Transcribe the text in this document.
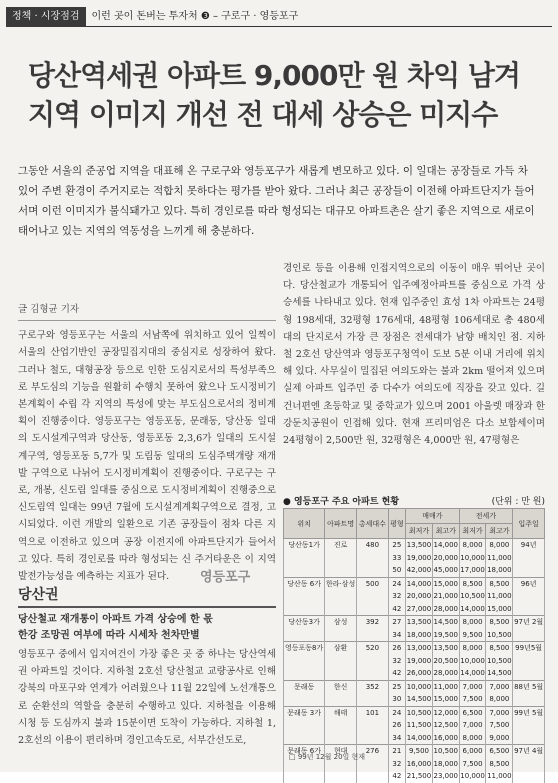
정책 · 시장점검	이런 곳이 돈버는 투자처 ❸ – 구로구 · 영등포구
당산역세권 아파트 9,000만 원 차익 남겨
지역 이미지 개선 전 대세 상승은 미지수
그동안 서울의 준공업 지역을 대표해 온 구로구와 영등포구가 새롭게 변모하고 있다. 이 일대는 공장들로 가득 차 있어 주변 환경이 주거지로는 적합치 못하다는 평가를 받아 왔다. 그러나 최근 공장들이 이전해 아파트단지가 들어서며 이런 이미지가 불식돼가고 있다. 특히 경인로를 따라 형성되는 대규모 아파트촌은 살기 좋은 지역으로 새로이 태어나고 있는 지역의 역동성을 느끼게 해 충분하다.
글 김형균 기자
구로구와 영등포구는 서울의 서남쪽에 위치하고 있어 일찍이 서울의 산업기반인 공장밀집지대의 중심지로 성장하여 왔다. 그러나 철도, 대형공장 등으로 인한 도심지로서의 특성부족으로 부도심의 기능을 원활히 수행치 못하여 왔으나 도시정비기본계획이 수립 각 지역의 특성에 맞는 부도심으로서의 정비계획이 진행중이다. 영등포구는 영등포동, 문래동, 당산동 일대의 도시설계구역과 당산동, 영등포동 2,3,6가 일대의 도시설계구역, 영등포동 5,7가 및 도림동 일대의 도심주택개량 재개발 구역으로 나뉘어 도시정비계획이 진행중이다. 구로구는 구로, 개봉, 신도림 일대를 중심으로 도시정비계획이 진행중으로 신도림역 일대는 99년 7월에 도시설계계획구역으로 결정, 고시되었다. 이런 개발의 일환으로 기존 공장들이 점차 다른 지역으로 이전하고 있으며 공장 이전지에 아파트단지가 들어서고 있다. 특히 경인로를 따라 형성되는 신 주거타운은 이 지역 발전가능성을 예측하는 지표가 된다.	영등포구
당산권
당산철교 재개통이 아파트 가격 상승에 한 몫
한강 조망권 여부에 따라 시세차 천차만별
영등포구 중에서 입지여건이 가장 좋은 곳 중 하나는 당산역세권 아파트일 것이다. 지하철 2호선 당산철교 교량공사로 인해 강북의 마포구와 연계가 어려웠으나 11월 22일에 노선개통으로 순환선의 역할을 충분히 수행하고 있다. 지하철을 이용해 시청 등 도심까지 불과 15분이면 도착이 가능하다. 지하철 1, 2호선의 이용이 편리하며 경인고속도로, 서부간선도로,
경인로 등을 이용해 인접지역으로의 이동이 매우 뛰어난 곳이다. 당산철교가 개통되어 입주예정아파트를 중심으로 가격 상승세를 나타내고 있다. 현재 입주중인 효성 1차 아파트는 24평형 198세대, 32평형 176세대, 48평형 106세대로 총 480세대의 단지로서 가장 큰 장점은 전세대가 남향 배치인 점. 지하철 2호선 당산역과 영등포구청역이 도보 5분 이내 거리에 위치해 있다. 사무실이 밀집된 여의도와는 불과 2km 떨어져 있으며 실제 아파트 입주민 중 다수가 여의도에 직장을 갖고 있다. 길 건너편엔 초등학교 및 중학교가 있으며 2001 아울렛 매장과 한강둔치공원이 인접해 있다. 현재 프리미엄은 다소 보합세이며 24평형이 2,500만 원, 32평형은 4,000만 원, 47평형은
● 영등포구 주요 아파트 현황	(단위 : 만 원)
위치	아파트명	총세대수	평형	매매가		전세가		입주일
				최저가	최고가	최저가	최고가	
당산동1가	진로	480	25	13,500	14,000	8,000	8,000	94년
			33	19,000	20,000	10,000	11,000	
			50	42,000	45,000	17,000	18,000	
당산동 6가	한라·삼성	500	24	14,000	15,000	8,500	8,500	96년
			32	20,000	21,000	10,500	11,000	
			42	27,000	28,000	14,000	15,000	
당산동3가	삼성	392	27	13,500	14,500	8,000	8,500	97년 2월
			34	18,000	19,500	9,500	10,500	
영등포동8가	삼환	520	26	13,000	13,500	8,000	8,500	99년5월
			32	19,000	20,500	10,000	10,500	
			42	26,000	28,000	14,000	14,500	
문래동	한신	352	25	10,000	11,000	7,000	7,000	88년 5월
			30	14,500	15,000	7,500	8,000	
문래동 3가	해태	101	24	10,500	12,000	6,500	7,000	99년 5월
			26	11,500	12,500	7,000	7,500	
			34	14,000	16,000	8,000	9,000	
문래동 6가	현대	276	21	9,500	10,500	6,000	6,500	97년 4월
			32	16,000	18,000	7,500	8,500	
			42	21,500	23,000	10,000	11,000	
□ 99년 12월 20일 현재
